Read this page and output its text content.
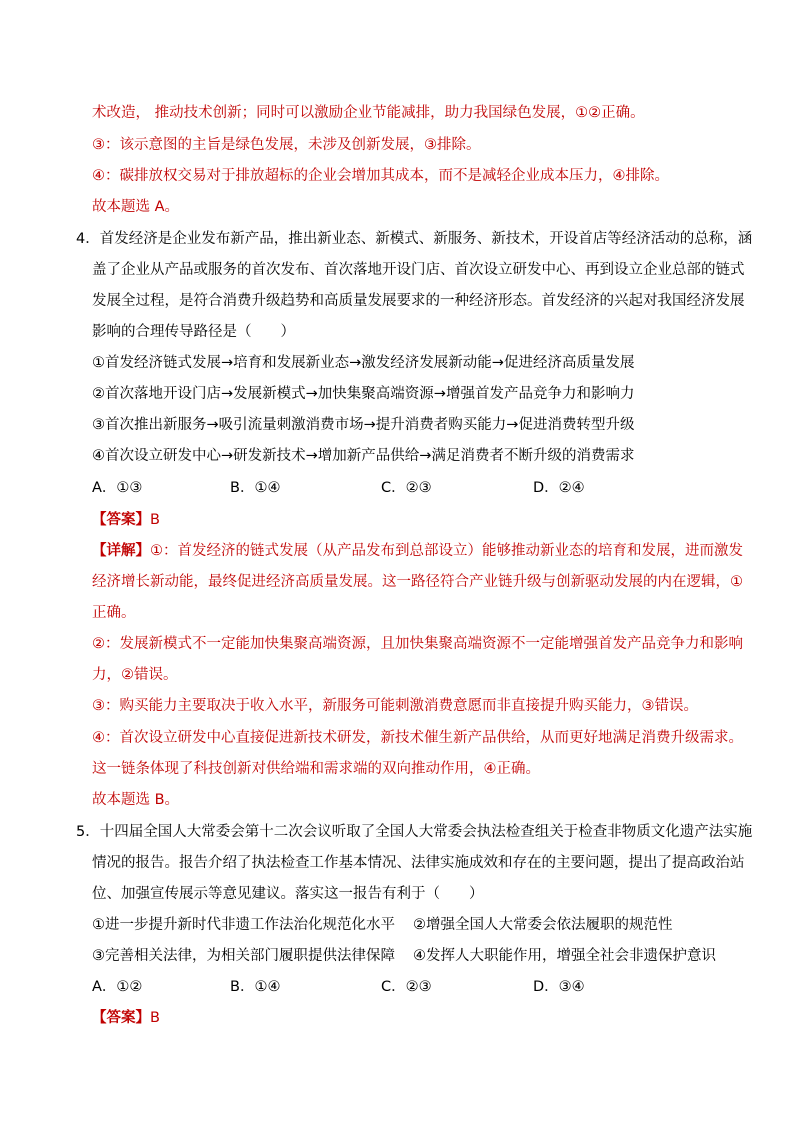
术改造， 推动技术创新；同时可以激励企业节能减排，助力我国绿色发展，①②正确。
③：该示意图的主旨是绿色发展，未涉及创新发展，③排除。
④：碳排放权交易对于排放超标的企业会增加其成本，而不是减轻企业成本压力，④排除。
故本题选 A。
4．首发经济是企业发布新产品，推出新业态、新模式、新服务、新技术，开设首店等经济活动的总称，涵
盖了企业从产品或服务的首次发布、首次落地开设门店、首次设立研发中心、再到设立企业总部的链式
发展全过程，是符合消费升级趋势和高质量发展要求的一种经济形态。首发经济的兴起对我国经济发展
影响的合理传导路径是（　　）
①首发经济链式发展→培育和发展新业态→激发经济发展新动能→促进经济高质量发展
②首次落地开设门店→发展新模式→加快集聚高端资源→增强首发产品竞争力和影响力
③首次推出新服务→吸引流量刺激消费市场→提升消费者购买能力→促进消费转型升级
④首次设立研发中心→研发新技术→增加新产品供给→满足消费者不断升级的消费需求
A．①③	B．①④	C．②③	D．②④
【答案】B
【详解】①：首发经济的链式发展（从产品发布到总部设立）能够推动新业态的培育和发展，进而激发
经济增长新动能，最终促进经济高质量发展。这一路径符合产业链升级与创新驱动发展的内在逻辑，①
正确。
②：发展新模式不一定能加快集聚高端资源，且加快集聚高端资源不一定能增强首发产品竞争力和影响
力，②错误。
③：购买能力主要取决于收入水平，新服务可能刺激消费意愿而非直接提升购买能力，③错误。
④：首次设立研发中心直接促进新技术研发，新技术催生新产品供给，从而更好地满足消费升级需求。
这一链条体现了科技创新对供给端和需求端的双向推动作用，④正确。
故本题选 B。
5．十四届全国人大常委会第十二次会议听取了全国人大常委会执法检查组关于检查非物质文化遗产法实施
情况的报告。报告介绍了执法检查工作基本情况、法律实施成效和存在的主要问题，提出了提高政治站
位、加强宣传展示等意见建议。落实这一报告有利于（　　）
①进一步提升新时代非遗工作法治化规范化水平 ②增强全国人大常委会依法履职的规范性
③完善相关法律，为相关部门履职提供法律保障 ④发挥人大职能作用，增强全社会非遗保护意识
A．①②	B．①④	C．②③	D．③④
【答案】B
